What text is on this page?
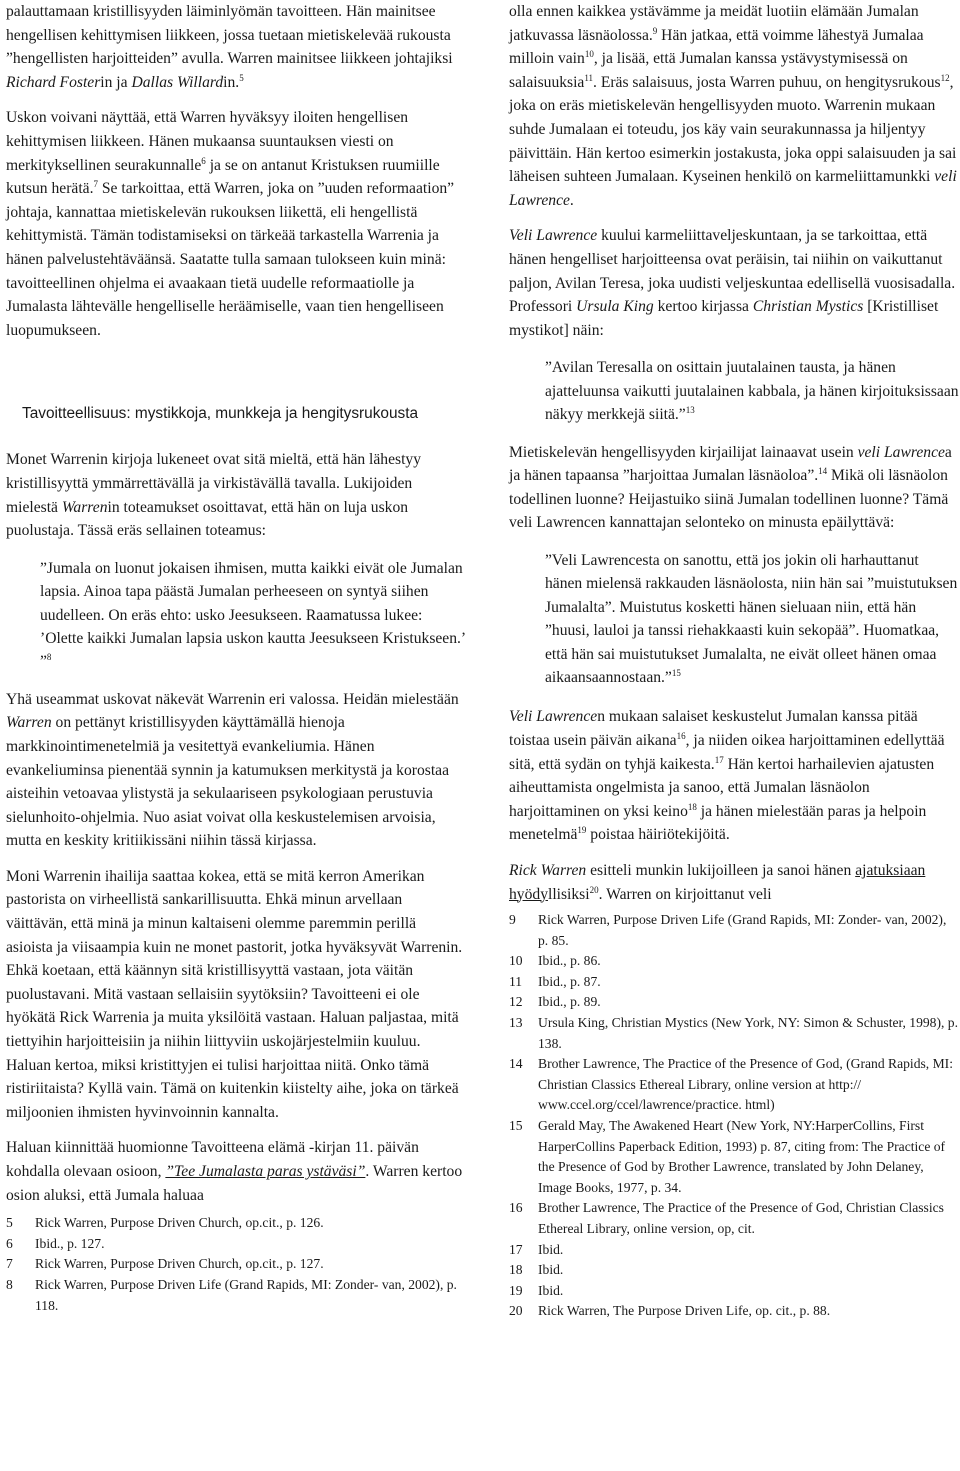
palauttamaan kristillisyyden läiminlyömän tavoitteen. Hän mainitsee hengellisen kehittymisen liikkeen, jossa tuetaan mietiskelevää rukousta ”hengellisten harjoitteiden” avulla. Warren mainitsee liikkeen johtajiksi Richard Fosterin ja Dallas Willardin.$^5$

Uskon voivani näyttää, että Warren hyväksyy iloiten hengellisen kehittymisen liikkeen. Hänen mukaansa suuntauksen viesti on merkityksellinen seurakunnalle$^6$ ja se on antanut Kristuksen ruumiille kutsun herätä.$^7$ Se tarkoittaa, että Warren, joka on ”uuden reformaation” johtaja, kannattaa mietiskelevän rukouksen liikettä, eli hengellistä kehittymistä. Tämän todistamiseksi on tärkeää tarkastella Warrenia ja hänen palvelustehtäväänsä. Saatatte tulla samaan tulokseen kuin minä: tavoitteellinen ohjelma ei avaakaan tietä uudelle reformaatiolle ja Jumalasta lähtevälle hengelliselle heräämiselle, vaan tien hengelliseen luopumukseen.

Tavoitteellisuus: mystikkoja, munkkeja ja hengitysrukousta

Monet Warrenin kirjoja lukeneet ovat sitä mieltä, että hän lähestyy kristillisyyttä ymmärrettävällä ja virkistävällä tavalla. Lukijoiden mielestä Warrenin toteamukset osoittavat, että hän on luja uskon puolustaja. Tässä eräs sellainen toteamus:

”Jumala on luonut jokaisen ihmisen, mutta kaikki eivät ole Jumalan lapsia. Ainoa tapa päästä Jumalan perheeseen on syntyä siihen uudelleen. On eräs ehto: usko Jeesukseen. Raamatussa lukee: ’Olette kaikki Jumalan lapsia uskon kautta Jeesukseen Kristukseen.’ ”$^8$

Yhä useammat uskovat näkevät Warrenin eri valossa. Heidän mielestään Warren on pettänyt kristillisyyden käyttämällä hienoja markkinointimenetelmiä ja vesitettyä evankeliumia. Hänen evankeliuminsa pienentää synnin ja katumuksen merkitystä ja korostaa aisteihin vetoavaa ylistystä ja sekulaariseen psykologiaan perustuvia sielunhoito-ohjelmia. Nuo asiat voivat olla keskustelemisen arvoisia, mutta en keskity kritiikissäni niihin tässä kirjassa.

Moni Warrenin ihailija saattaa kokea, että se mitä kerron Amerikan pastorista on virheellistä sankarillisuutta. Ehkä minun arvellaan väittävän, että minä ja minun kaltaiseni olemme paremmin perillä asioista ja viisaampia kuin ne monet pastorit, jotka hyväksyvät Warrenin. Ehkä koetaan, että käännyn sitä kristillisyyttä vastaan, jota väitän puolustavani. Mitä vastaan sellaisiin syytöksiin? Tavoitteeni ei ole hyökätä Rick Warrenia ja muita yksilöitä vastaan. Haluan paljastaa, mitä tiettyihin harjoitteisiin ja niihin liittyviin uskojärjestelmiin kuuluu. Haluan kertoa, miksi kristittyjen ei tulisi harjoittaa niitä. Onko tämä ristiriitaista? Kyllä vain. Tämä on kuitenkin kiistelty aihe, joka on tärkeä miljoonien ihmisten hyvinvoinnin kannalta.

Haluan kiinnittää huomionne Tavoitteena elämä -kirjan 11. päivän kohdalla olevaan osioon, ”Tee Jumalasta paras ystäväsi”. Warren kertoo osion aluksi, että Jumala haluaa

5 Rick Warren, Purpose Driven Church, op.cit., p. 126.
6 Ibid., p. 127.
7 Rick Warren, Purpose Driven Church, op.cit., p. 127.
8 Rick Warren, Purpose Driven Life (Grand Rapids, MI: Zonder- van, 2002), p. 118.

olla ennen kaikkea ystävämme ja meidät luotiin elämään Jumalan jatkuvassa läsnäolossa.$^9$ Hän jatkaa, että voimme lähestyä Jumalaa milloin vain$^{10}$, ja lisää, että Jumalan kanssa ystävystymisessä on salaisuuksia$^{11}$. Eräs salaisuus, josta Warren puhuu, on hengitysrukous$^{12}$, joka on eräs mietiskelevän hengellisyyden muoto. Warrenin mukaan suhde Jumalaan ei toteudu, jos käy vain seurakunnassa ja hiljentyy päivittäin. Hän kertoo esimerkin jostakusta, joka oppi salaisuuden ja sai läheisen suhteen Jumalaan. Kyseinen henkilö on karmeliittamunkki veli Lawrence.

Veli Lawrence kuului karmeliittaveljeskuntaan, ja se tarkoittaa, että hänen hengelliset harjoitteensa ovat peräisin, tai niihin on vaikuttanut paljon, Avilan Teresa, joka uudisti veljeskuntaa edellisellä vuosisadalla. Professori Ursula King kertoo kirjassa Christian Mystics [Kristilliset mystikot] näin:

”Avilan Teresalla on osittain juutalainen tausta, ja hänen ajatteluunsa vaikutti juutalainen kabbala, ja hänen kirjoituksissaan näkyy merkkejä siitä.”$^{13}$

Mietiskelevän hengellisyyden kirjailijat lainaavat usein veli Lawrencea ja hänen tapaansa ”harjoittaa Jumalan läsnäoloa”.$^{14}$ Mikä oli läsnäolon todellinen luonne? Heijastuiko siinä Jumalan todellinen luonne? Tämä veli Lawrencen kannattajan selonteko on minusta epäilyttävä:

”Veli Lawrencesta on sanottu, että jos jokin oli harhauttanut hänen mielensä rakkauden läsnäolosta, niin hän sai ”muistutuksen Jumalalta”. Muistutus kosketti hänen sieluaan niin, että hän ”huusi, lauloi ja tanssi riehakkaasti kuin sekopää”. Huomatkaa, että hän sai muistutukset Jumalalta, ne eivät olleet hänen omaa aikaansaannostaan.”$^{15}$

Veli Lawrencen mukaan salaiset keskustelut Jumalan kanssa pitää toistaa usein päivän aikana$^{16}$, ja niiden oikea harjoittaminen edellyttää sitä, että sydän on tyhjä kaikesta.$^{17}$ Hän kertoi harhailevien ajatusten aiheuttamista ongelmista ja sanoo, että Jumalan läsnäolon harjoittaminen on yksi keino$^{18}$ ja hänen mielestään paras ja helpoin menetelmä$^{19}$ poistaa häiriötekijöitä.

Rick Warren esitteli munkin lukijoilleen ja sanoi hänen ajatuksiaan hyödyllisiksi$^{20}$. Warren on kirjoittanut veli

9 Rick Warren, Purpose Driven Life (Grand Rapids, MI: Zonder- van, 2002), p. 85.
10 Ibid., p. 86.
11 Ibid., p. 87.
12 Ibid., p. 89.
13 Ursula King, Christian Mystics (New York, NY: Simon & Schuster, 1998), p. 138.
14 Brother Lawrence, The Practice of the Presence of God, (Grand Rapids, MI: Christian Classics Ethereal Library, online version at http:// www.ccel.org/ccel/lawrence/practice. html)
15 Gerald May, The Awakened Heart (New York, NY:HarperCollins, First HarperCollins Paperback Edition, 1993) p. 87, citing from: The Practice of the Presence of God by Brother Lawrence, translated by John Delaney, Image Books, 1977, p. 34.
16 Brother Lawrence, The Practice of the Presence of God, Christian Classics Ethereal Library, online version, op, cit.
17 Ibid.
18 Ibid.
19 Ibid.
20 Rick Warren, The Purpose Driven Life, op. cit., p. 88.
